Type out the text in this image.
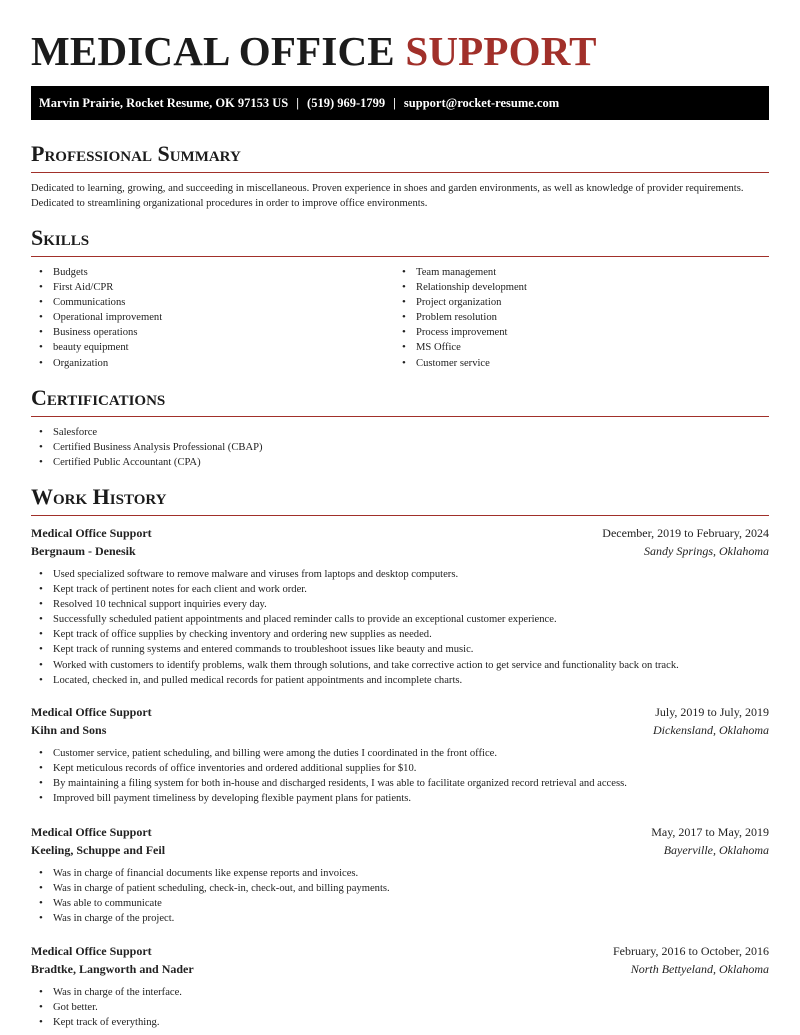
MEDICAL OFFICE SUPPORT
Marvin Prairie, Rocket Resume, OK 97153 US | (519) 969-1799 | support@rocket-resume.com
Professional Summary

Dedicated to learning, growing, and succeeding in miscellaneous. Proven experience in shoes and garden environments, as well as knowledge of provider requirements. Dedicated to streamlining organizational procedures in order to improve office environments.

Skills
• Budgets
• First Aid/CPR
• Communications
• Operational improvement
• Business operations
• beauty equipment
• Organization
• Team management
• Relationship development
• Project organization
• Problem resolution
• Process improvement
• MS Office
• Customer service
Certifications
• Salesforce
• Certified Business Analysis Professional (CBAP)
• Certified Public Accountant (CPA)
Work History
Medical Office Support	December, 2019 to February, 2024
Bergnaum - Denesik	Sandy Springs, Oklahoma
• Used specialized software to remove malware and viruses from laptops and desktop computers.
• Kept track of pertinent notes for each client and work order.
• Resolved 10 technical support inquiries every day.
• Successfully scheduled patient appointments and placed reminder calls to provide an exceptional customer experience.
• Kept track of office supplies by checking inventory and ordering new supplies as needed.
• Kept track of running systems and entered commands to troubleshoot issues like beauty and music.
• Worked with customers to identify problems, walk them through solutions, and take corrective action to get service and functionality back on track.
• Located, checked in, and pulled medical records for patient appointments and incomplete charts.
Medical Office Support	July, 2019 to July, 2019
Kihn and Sons	Dickensland, Oklahoma
• Customer service, patient scheduling, and billing were among the duties I coordinated in the front office.
• Kept meticulous records of office inventories and ordered additional supplies for $10.
• By maintaining a filing system for both in-house and discharged residents, I was able to facilitate organized record retrieval and access.
• Improved bill payment timeliness by developing flexible payment plans for patients.
Medical Office Support	May, 2017 to May, 2019
Keeling, Schuppe and Feil	Bayerville, Oklahoma
• Was in charge of financial documents like expense reports and invoices.
• Was in charge of patient scheduling, check-in, check-out, and billing payments.
• Was able to communicate
• Was in charge of the project.
Medical Office Support	February, 2016 to October, 2016
Bradtke, Langworth and Nader	North Bettyeland, Oklahoma
• Was in charge of the interface.
• Got better.
• Kept track of everything.
